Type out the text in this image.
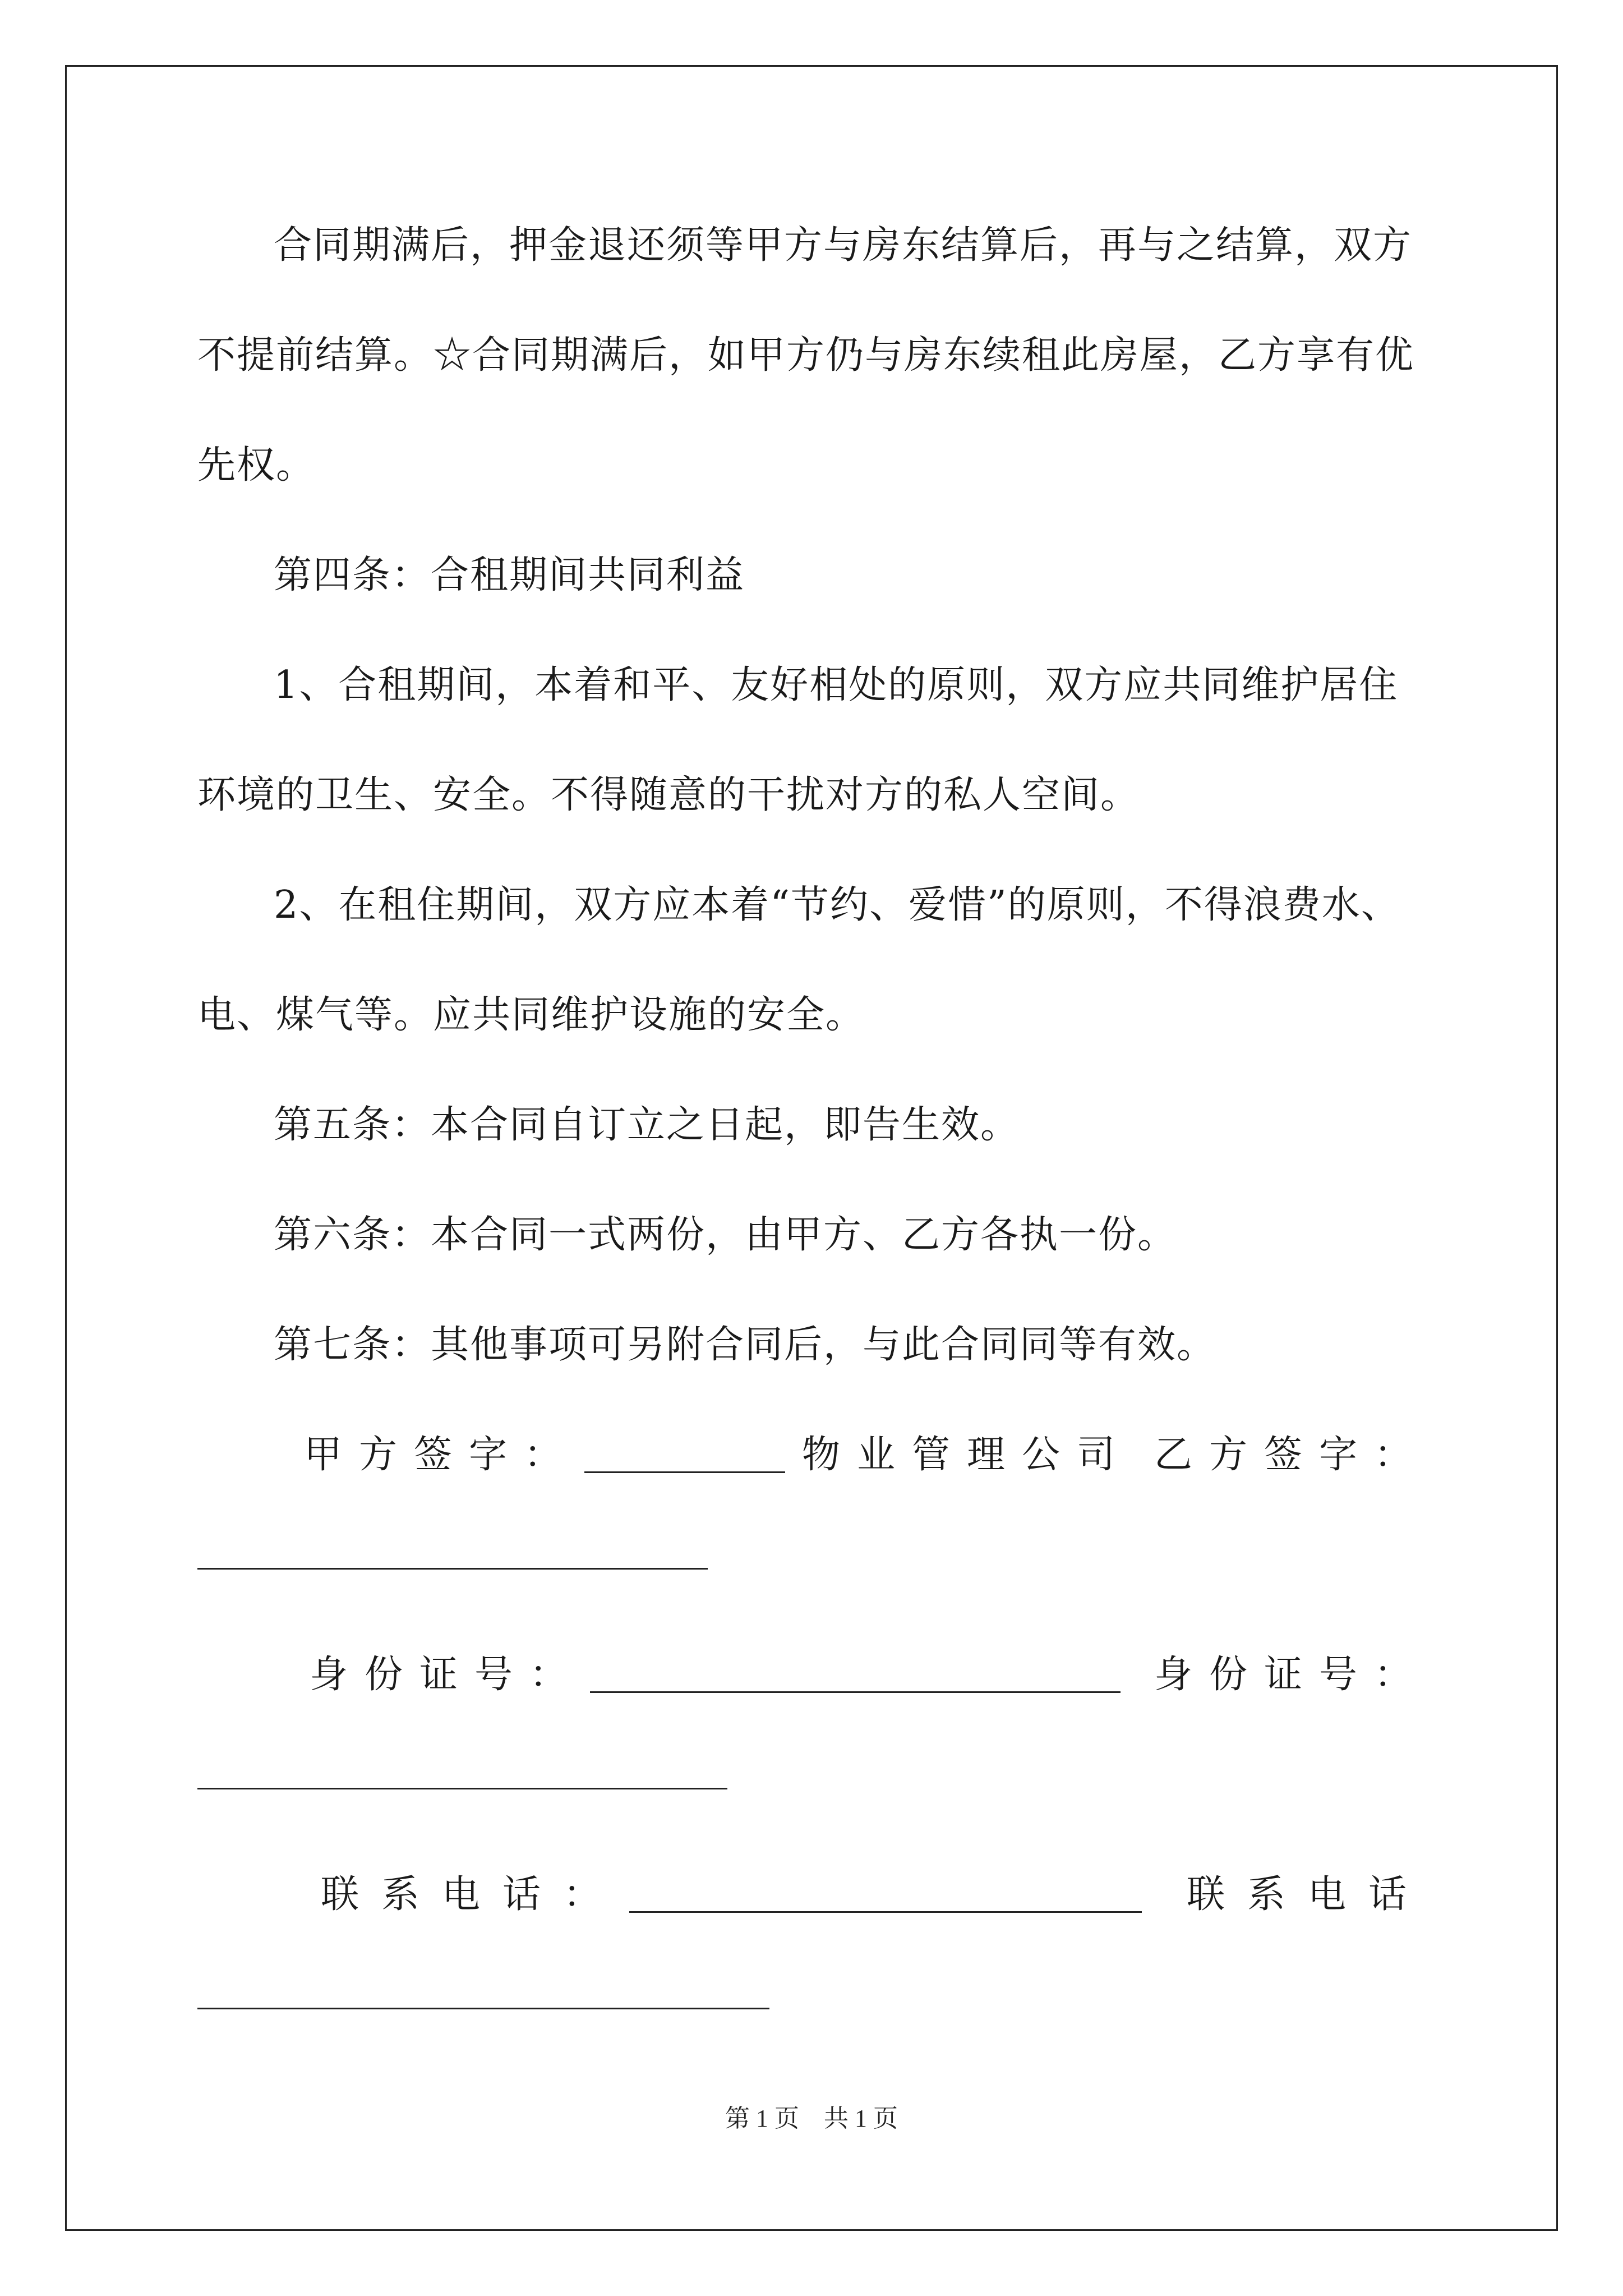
合同期满后，押金退还须等甲方与房东结算后，再与之结算，双方不提前结算。☆合同期满后，如甲方仍与房东续租此房屋，乙方享有优先权。

第四条：合租期间共同利益

1、合租期间，本着和平、友好相处的原则，双方应共同维护居住环境的卫生、安全。不得随意的干扰对方的私人空间。

2、在租住期间，双方应本着“节约、爱惜”的原则，不得浪费水、电、煤气等。应共同维护设施的安全。

第五条：本合同自订立之日起，即告生效。

第六条：本合同一式两份，由甲方、乙方各执一份。

第七条：其他事项可另附合同后，与此合同同等有效。

甲方签字：	物业管理公司 乙方签字：
身份证号：	身份证号：
联系电话：	联系电话
第 1 页　共 1 页
